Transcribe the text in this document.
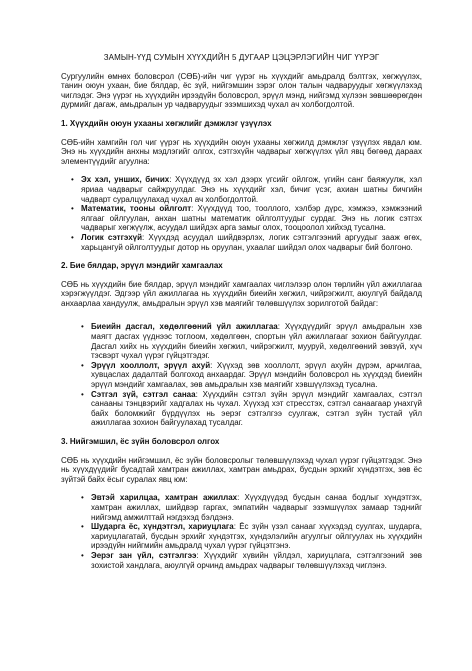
ЗАМЫН-ҮҮД СУМЫН ХҮҮХДИЙН 5 ДУГААР ЦЭЦЭРЛЭГИЙН ЧИГ ҮҮРЭГ

Сургуулийн өмнөх боловсрол (СӨБ)-ийн чиг үүрэг нь хүүхдийг амьдралд бэлтгэх, хөгжүүлэх, танин оюун ухаан, бие бялдар, ёс зүй, нийгэмшин зэрэг олон талын чадваруудыг хөгжүүлэхэд чиглэдэг. Энэ үүрэг нь хүүхдийн ирээдүйн боловсрол, эрүүл мэнд, нийгэмд хүлээн зөвшөөрөгдөн дурмийг дагаж, амьдралын ур чадваруудыг эзэмшихэд чухал ач холбогдолтой.

1. Хүүхдийн оюун ухааны хөгжлийг дэмжлэг үзүүлэх

СӨБ-ийн хамгийн гол чиг үүрэг нь хүүхдийн оюун ухааны хөгжилд дэмжлэг үзүүлэх явдал юм. Энэ нь хүүхдийн анхны мэдлэгийг олгох, сэтгэхүйн чадварыг хөгжүүлэх үйл явц бөгөөд дараах элементүүдийг агуулна:

• Эх хэл, унших, бичих: Хүүхдүүд эх хэл дээрх үгсийг ойлгож, үгийн санг баяжуулж, хэл яриаа чадварыг сайжруулдаг. Энэ нь хүүхдийг хэл, бичиг үсэг, ахиан шатны бичгийн чадварт суралцуулахад чухал ач холбогдолтой.
• Математик, тооны ойлголт: Хүүхдүүд тоо, тооллого, хэлбэр дүрс, хэмжээ, хэмжээний ялгааг ойлгуулан, анхан шатны математик ойлголтуудыг сурдаг. Энэ нь логик сэтгэх чадварыг хөгжүүлж, асуудал шийдэх арга замыг олох, тооцоолол хийхэд тусална.
• Логик сэтгэхүй: Хүүхдэд асуудал шийдвэрлэх, логик сэтгэлгээний аргуудыг зааж өгөх, харьцангуй ойлголтуудыг дотор нь оруулан, ухаалаг шийдэл олох чадварыг бий болгоно.
2. Бие бялдар, эрүүл мэндийг хамгаалах

СӨБ нь хүүхдийн бие бялдар, эрүүл мэндийг хамгаалах чиглэлээр олон төрлийн үйл ажиллагаа хэрэгжүүлдэг. Эдгээр үйл ажиллагаа нь хүүхдийн биеийн хөгжил, чийрэгжилт, аюулгүй байдалд анхаарлаа хандуулж, амьдралын эрүүл хэв маягийг төлөвшүүлэх зорилготой байдаг:

• Биеийн дасгал, хөдөлгөөний үйл ажиллагаа: Хүүхдүүдийг эрүүл амьдралын хэв маягт дасгах үүднээс тоглоом, хөдөлгөөн, спортын үйл ажиллагааг зохион байгуулдаг. Дасгал хийх нь хүүхдийн биеийн хөгжил, чийрэгжилт, мууруй, хөдөлгөөний зөвзүй, хүч тэсвэрт чухал үүрэг гүйцэтгэдэг.
• Эрүүл хооллолт, эрүүл ахуй: Хүүхэд зөв хооллолт, эрүүл ахуйн дүрэм, арчилгаа, хувцаслах дадалтай болгоход анхаардаг. Эрүүл мэндийн боловсрол нь хүүхдэд биеийн эрүүл мэндийг хамгаалах, зөв амьдралын хэв маягийг хэвшүүлэхэд тусална.
• Сэтгэл зүй, сэтгэл санаа: Хүүхдийн сэтгэл зүйн эрүүл мэндийг хамгаалах, сэтгэл санааны тэнцвэрийг хадгалах нь чухал. Хүүхэд хэт стресстэх, сэтгэл санаагаар унахгүй байх боломжийг бүрдүүлэх нь эерэг сэтгэлгээ суулгаж, сэтгэл зүйн тустай үйл ажиллагаа зохион байгуулахад тусалдаг.
3. Нийгэмшил, ёс зүйн боловсрол олгох

СӨБ нь хүүхдийн нийгэмшил, ёс зүйн боловсролыг төлөвшүүлэхэд чухал үүрэг гүйцэтгэдэг. Энэ нь хүүхдүүдийг бусадтай хамтран ажиллах, хамтран амьдрах, бусдын эрхийг хүндэтгэх, зөв ёс зүйтэй байх ёсыг суралах явц юм:

• Эвтэй харилцаа, хамтран ажиллах: Хүүхдүүдэд бусдын санаа бодлыг хүндэтгэх, хамтран ажиллах, шийдвэр гаргах, эмпатийн чадварыг эзэмшүүлэх замаар тэднийг нийгэмд амжилттай нэгдэхэд бэлдэнэ.
• Шударга ёс, хүндэтгэл, хариуцлага: Ёс зүйн үзэл санааг хүүхэдэд суулгах, шударга, хариуцлагатай, бусдын эрхийг хүндэтгэх, хүндэлэлийн агуулгыг ойлгуулах нь хүүхдийн ирээдүйн нийгмийн амьдралд чухал үүрэг гүйцэтгэнэ.
• Эерэг зан үйл, сэтгэлгээ: Хүүхдийг хүвийн үйлдэл, хариуцлага, сэтгэлгээний зөв зохистой хандлага, аюулгүй орчинд амьдрах чадварыг төлөвшүүлэхэд чиглэнэ.
